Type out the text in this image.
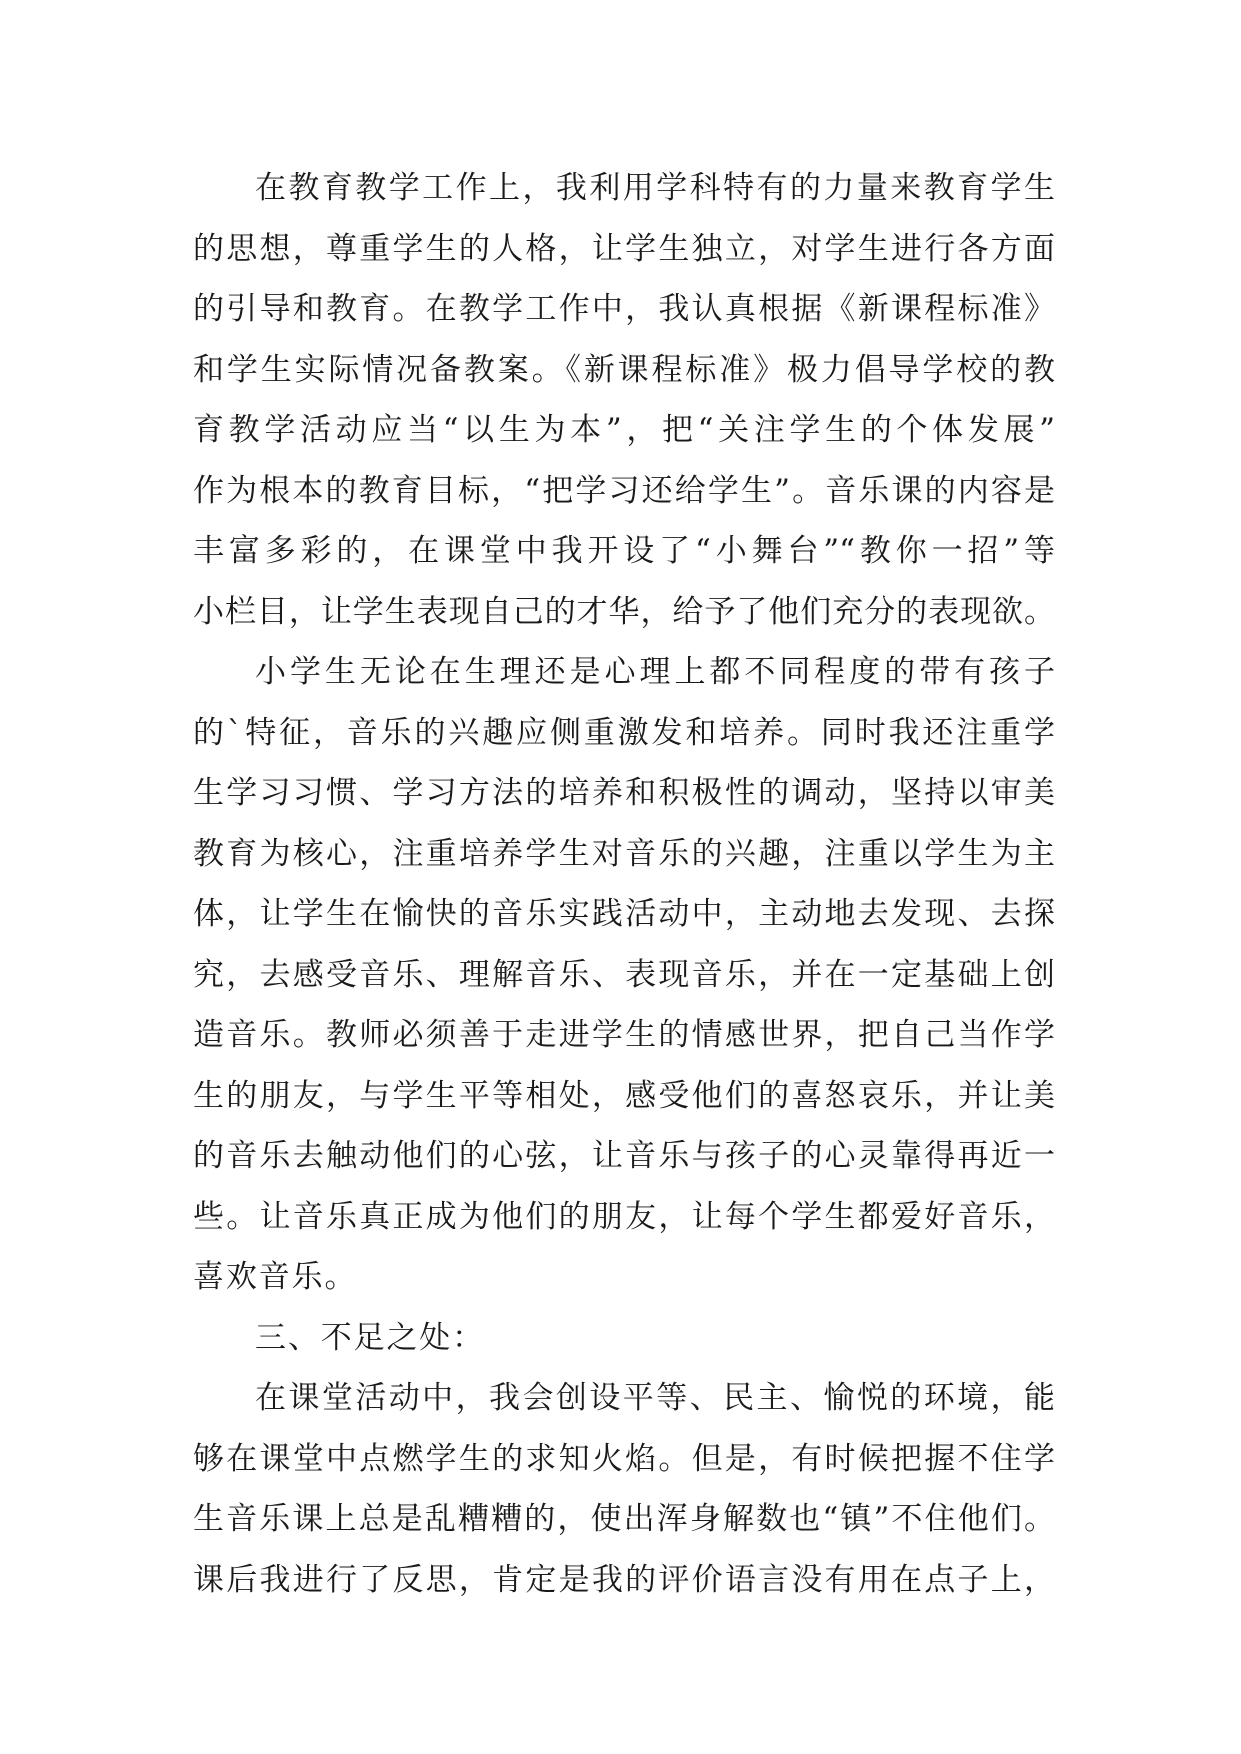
在教育教学工作上，我利用学科特有的力量来教育学生
的思想，尊重学生的人格，让学生独立，对学生进行各方面
的引导和教育。在教学工作中，我认真根据《新课程标准》
和学生实际情况备教案。《新课程标准》极力倡导学校的教
育教学活动应当“以生为本”，把“关注学生的个体发展”
作为根本的教育目标，“把学习还给学生”。音乐课的内容是
丰富多彩的，在课堂中我开设了“小舞台”“教你一招”等
小栏目，让学生表现自己的才华，给予了他们充分的表现欲。
小学生无论在生理还是心理上都不同程度的带有孩子
的`特征，音乐的兴趣应侧重激发和培养。同时我还注重学
生学习习惯、学习方法的培养和积极性的调动，坚持以审美
教育为核心，注重培养学生对音乐的兴趣，注重以学生为主
体，让学生在愉快的音乐实践活动中，主动地去发现、去探
究，去感受音乐、理解音乐、表现音乐，并在一定基础上创
造音乐。教师必须善于走进学生的情感世界，把自己当作学
生的朋友，与学生平等相处，感受他们的喜怒哀乐，并让美
的音乐去触动他们的心弦，让音乐与孩子的心灵靠得再近一
些。让音乐真正成为他们的朋友，让每个学生都爱好音乐，
喜欢音乐。
三、不足之处：
在课堂活动中，我会创设平等、民主、愉悦的环境，能
够在课堂中点燃学生的求知火焰。但是，有时候把握不住学
生音乐课上总是乱糟糟的，使出浑身解数也“镇”不住他们。
课后我进行了反思，肯定是我的评价语言没有用在点子上，
